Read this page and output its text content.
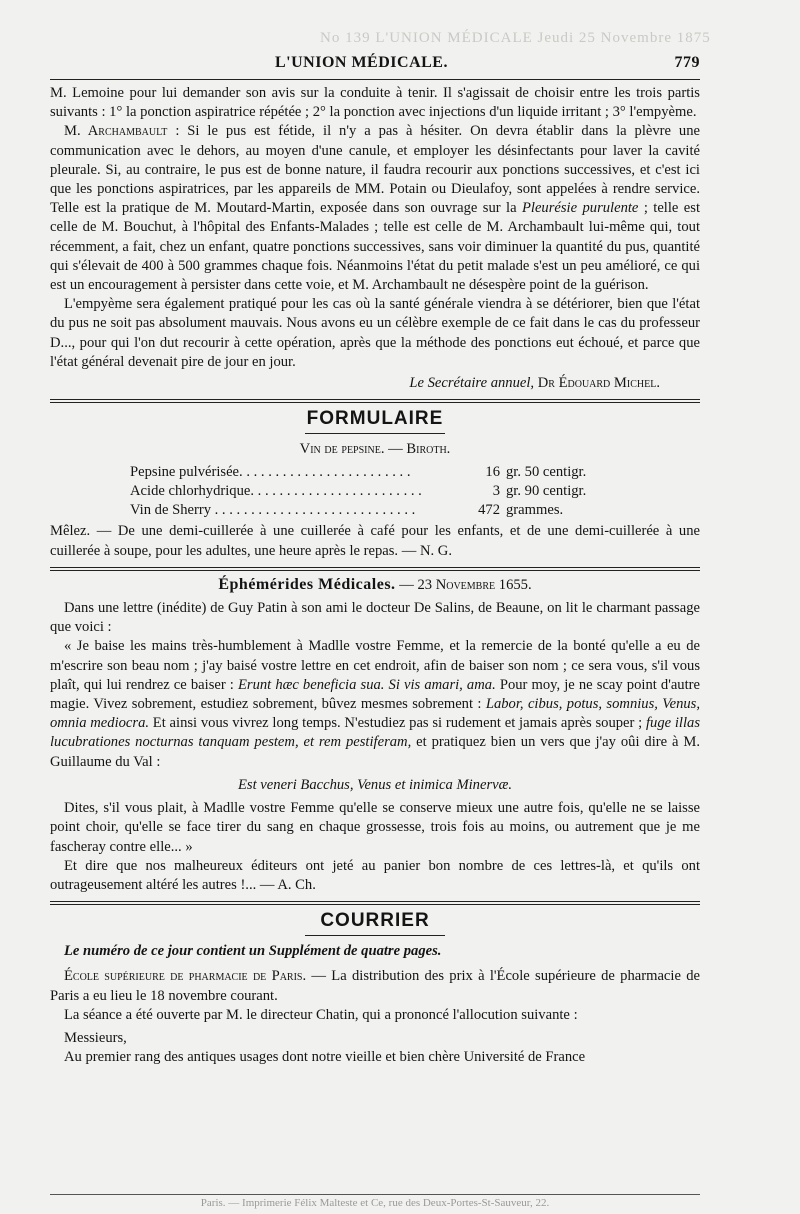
No 139 L'UNION MÉDICALE Jeudi 25 Novembre 1875
L'UNION MÉDICALE.	779

M. Lemoine pour lui demander son avis sur la conduite à tenir. Il s'agissait de choisir entre les trois partis suivants : 1° la ponction aspiratrice répétée ; 2° la ponction avec injections d'un liquide irritant ; 3° l'empyème.

M. Archambault : Si le pus est fétide, il n'y a pas à hésiter. On devra établir dans la plèvre une communication avec le dehors, au moyen d'une canule, et employer les désinfectants pour laver la cavité pleurale. Si, au contraire, le pus est de bonne nature, il faudra recourir aux ponctions successives, et c'est ici que les ponctions aspiratrices, par les appareils de MM. Potain ou Dieulafoy, sont appelées à rendre service. Telle est la pratique de M. Moutard-Martin, exposée dans son ouvrage sur la Pleurésie purulente ; telle est celle de M. Bouchut, à l'hôpital des Enfants-Malades ; telle est celle de M. Archambault lui-même qui, tout récemment, a fait, chez un enfant, quatre ponctions successives, sans voir diminuer la quantité du pus, quantité qui s'élevait de 400 à 500 grammes chaque fois. Néanmoins l'état du petit malade s'est un peu amélioré, ce qui est un encouragement à persister dans cette voie, et M. Archambault ne désespère point de la guérison.

L'empyème sera également pratiqué pour les cas où la santé générale viendra à se détériorer, bien que l'état du pus ne soit pas absolument mauvais. Nous avons eu un célèbre exemple de ce fait dans le cas du professeur D..., pour qui l'on dut recourir à cette opération, après que la méthode des ponctions eut échoué, et parce que l'état général devenait pire de jour en jour.

Le Secrétaire annuel, Dr Édouard Michel.

FORMULAIRE
Vin de pepsine. — Biroth.
Pepsine pulvérisée. . . . . . . . . . . . . . . . . . . . . . . .	16 gr. 50 centigr.
Acide chlorhydrique. . . . . . . . . . . . . . . . . . . . . . . .	3 gr. 90 centigr.
Vin de Sherry . . . . . . . . . . . . . . . . . . . . . . . . . . . .	472 grammes.

Mêlez. — De une demi-cuillerée à une cuillerée à café pour les enfants, et de une demi-cuillerée à une cuillerée à soupe, pour les adultes, une heure après le repas. — N. G.

Éphémérides Médicales. — 23 Novembre 1655.

Dans une lettre (inédite) de Guy Patin à son ami le docteur De Salins, de Beaune, on lit le charmant passage que voici :

« Je baise les mains très-humblement à Madlle vostre Femme, et la remercie de la bonté qu'elle a eu de m'escrire son beau nom ; j'ay baisé vostre lettre en cet endroit, afin de baiser son nom ; ce sera vous, s'il vous plaît, qui lui rendrez ce baiser : Erunt hæc beneficia sua. Si vis amari, ama. Pour moy, je ne scay point d'autre magie. Vivez sobrement, estudiez sobrement, bûvez mesmes sobrement : Labor, cibus, potus, somnius, Venus, omnia mediocra. Et ainsi vous vivrez long temps. N'estudiez pas si rudement et jamais après souper ; fuge illas lucubrationes nocturnas tanquam pestem, et rem pestiferam, et pratiquez bien un vers que j'ay oûi dire à M. Guillaume du Val :

Est veneri Bacchus, Venus et inimica Minervæ.

Dites, s'il vous plait, à Madlle vostre Femme qu'elle se conserve mieux une autre fois, qu'elle ne se laisse point choir, qu'elle se face tirer du sang en chaque grossesse, trois fois au moins, ou autrement que je me fascheray contre elle... »

Et dire que nos malheureux éditeurs ont jeté au panier bon nombre de ces lettres-là, et qu'ils ont outrageusement altéré les autres !... — A. Ch.

COURRIER

Le numéro de ce jour contient un Supplément de quatre pages.

École supérieure de pharmacie de Paris. — La distribution des prix à l'École supérieure de pharmacie de Paris a eu lieu le 18 novembre courant.

La séance a été ouverte par M. le directeur Chatin, qui a prononcé l'allocution suivante :

Messieurs,

Au premier rang des antiques usages dont notre vieille et bien chère Université de France

Paris. — Imprimerie Félix Malteste et Ce, rue des Deux-Portes-St-Sauveur, 22.
